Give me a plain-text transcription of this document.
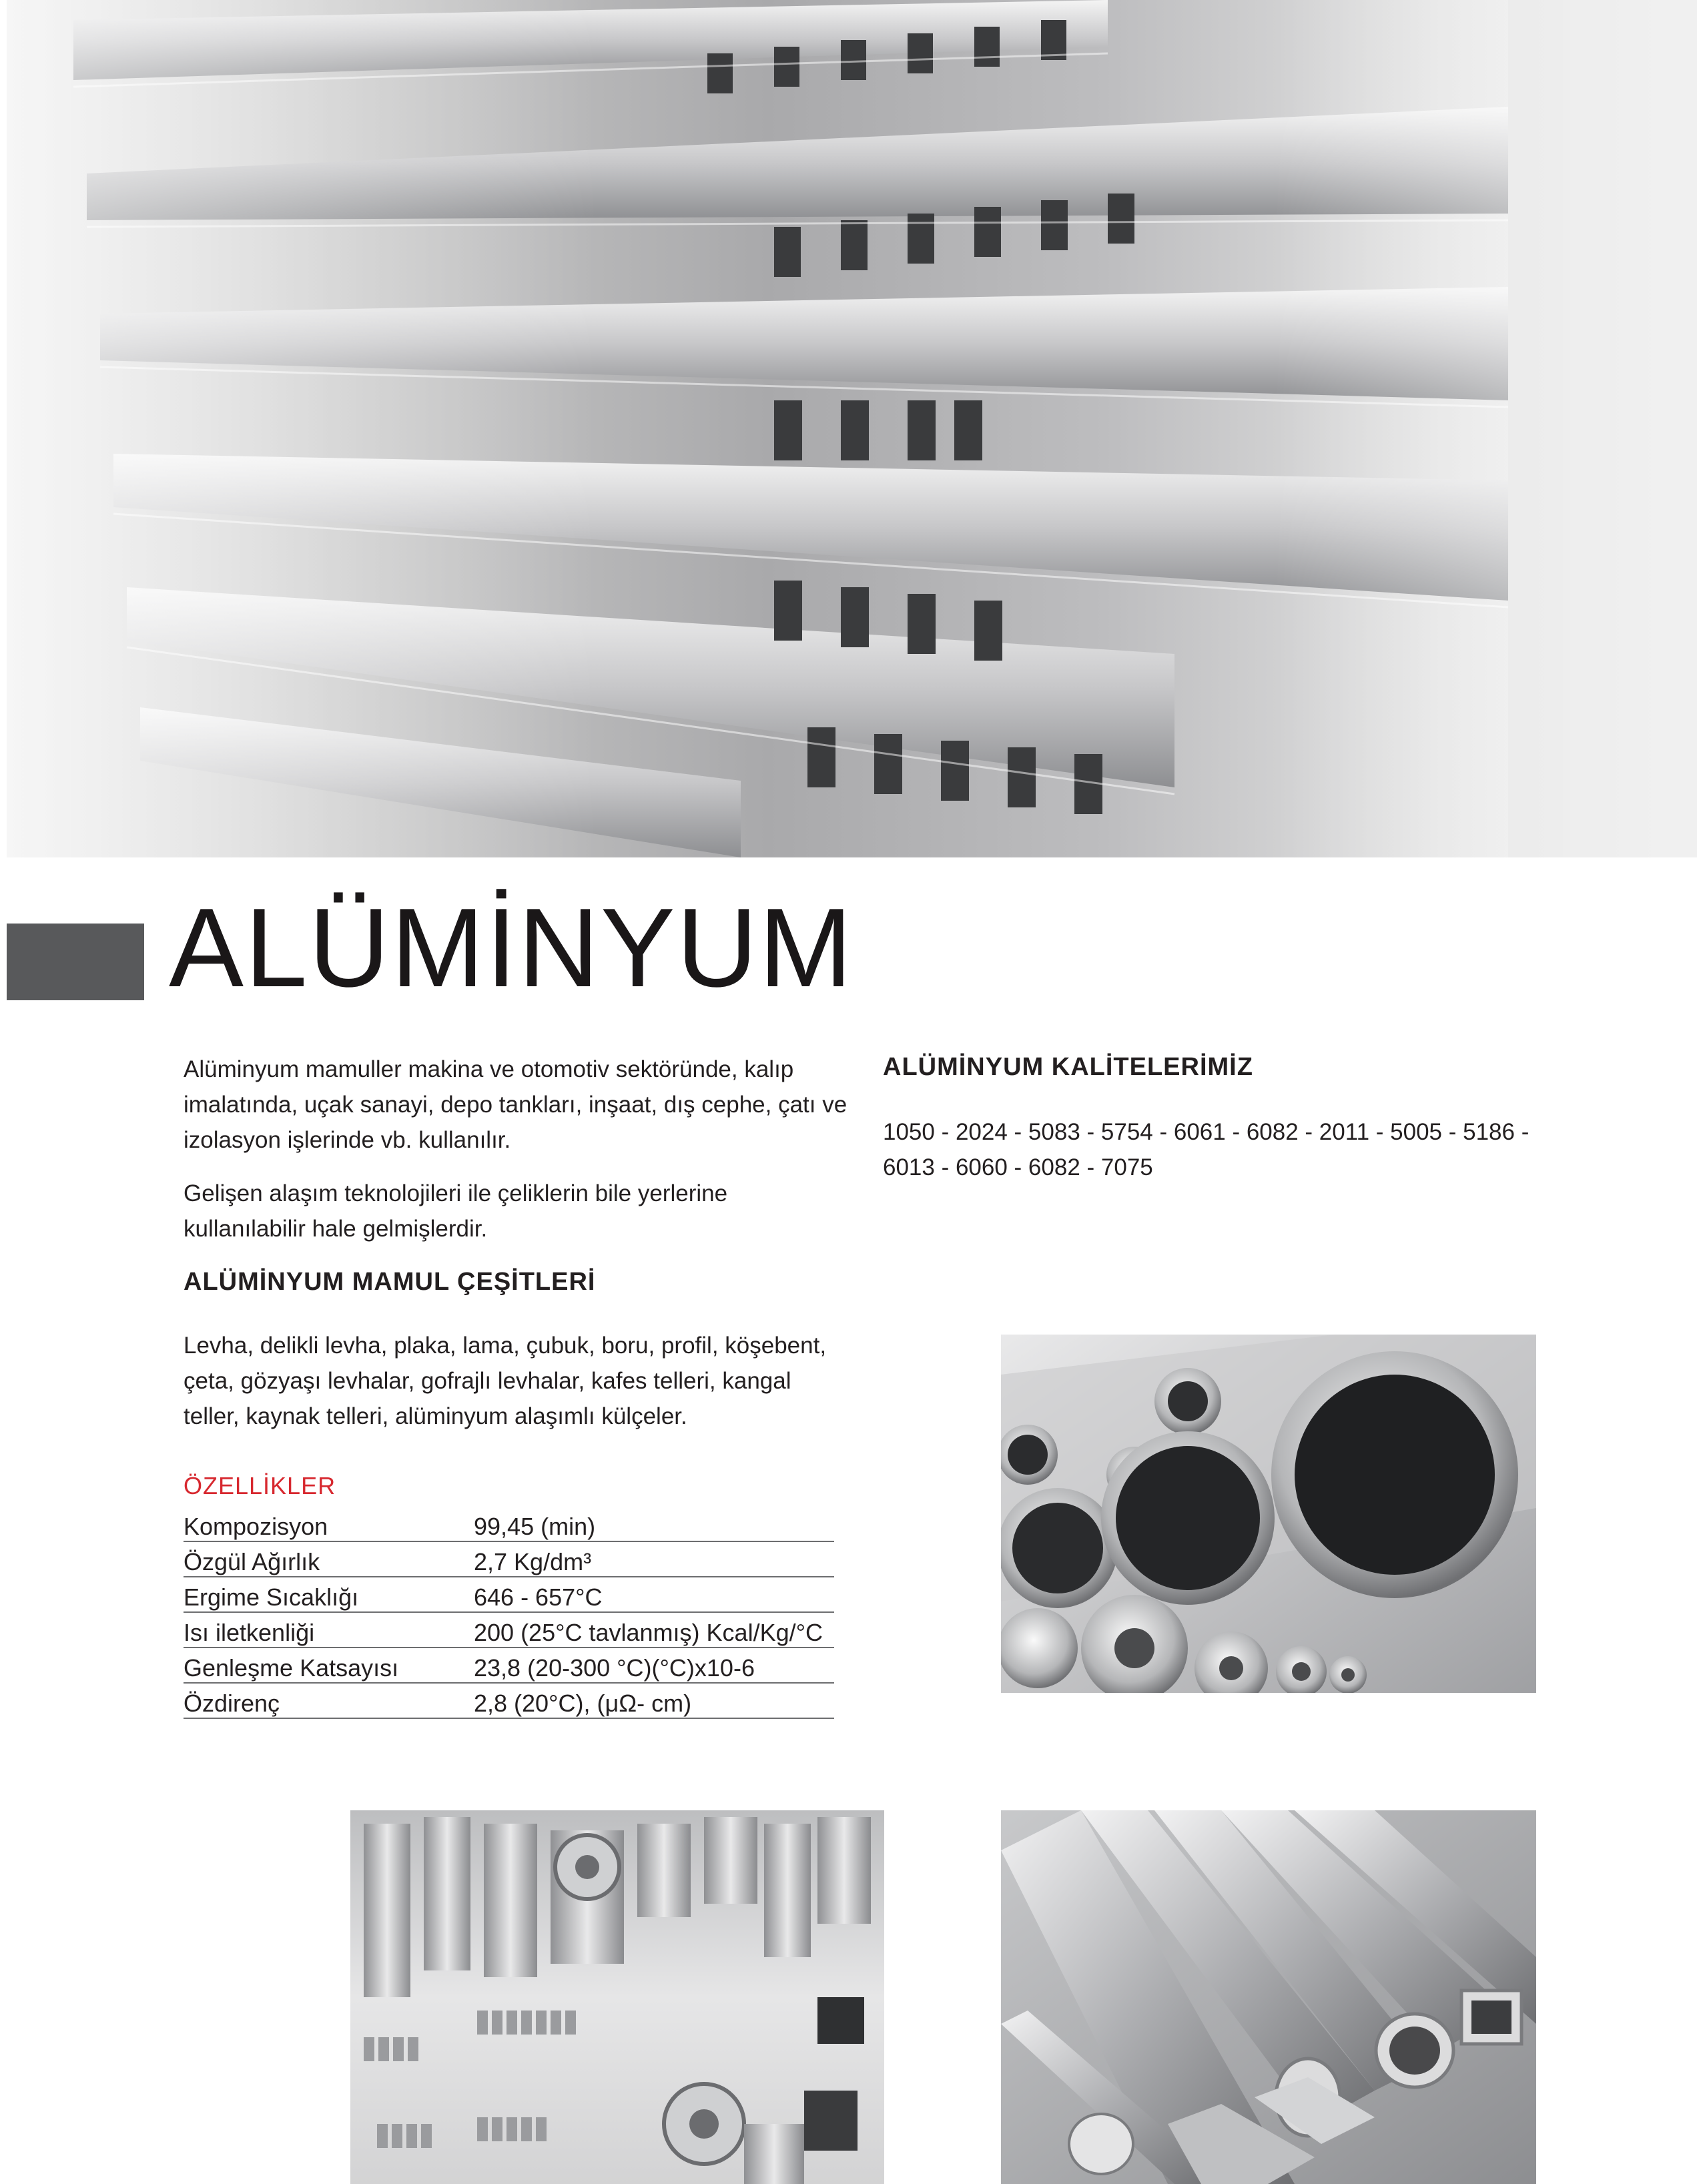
ALÜMİNYUM

Alüminyum mamuller makina ve otomotiv sektöründe, kalıp imalatında, uçak sanayi, depo tankları, inşaat, dış cephe, çatı ve izolasyon işlerinde vb. kullanılır.

Gelişen alaşım teknolojileri ile çeliklerin bile yerlerine kullanılabilir hale gelmişlerdir.

ALÜMİNYUM MAMUL ÇEŞİTLERİ

Levha, delikli levha, plaka, lama, çubuk, boru, profil, köşebent, çeta, gözyaşı levhalar, gofrajlı levhalar, kafes telleri, kangal teller, kaynak telleri, alüminyum alaşımlı külçeler.

ALÜMİNYUM KALİTELERİMİZ

1050 - 2024 - 5083 - 5754 - 6061 - 6082 - 2011 - 5005 - 5186 - 6013 - 6060 - 6082 - 7075

ÖZELLİKLER
Kompozisyon	99,45 (min)
Özgül Ağırlık	2,7 Kg/dm³
Ergime Sıcaklığı	646 - 657°C
Isı iletkenliği	200 (25°C tavlanmış) Kcal/Kg/°C
Genleşme Katsayısı	23,8 (20-300 °C)(°C)x10-6
Özdirenç	2,8 (20°C), (μΩ- cm)
